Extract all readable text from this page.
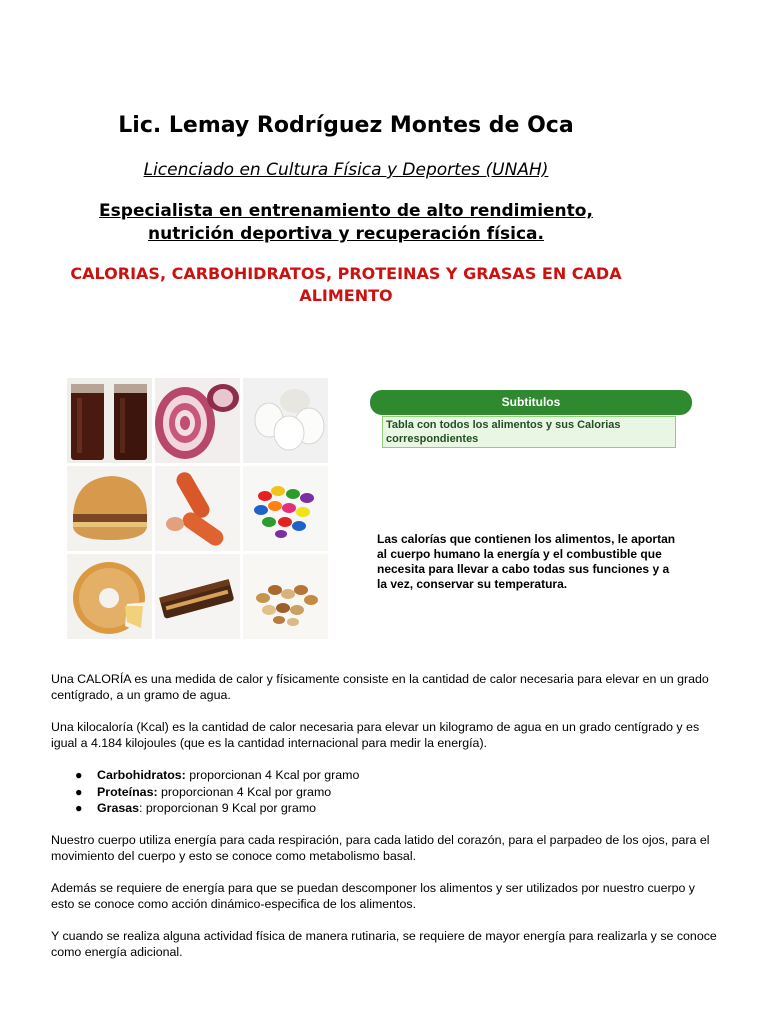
Lic. Lemay Rodríguez Montes de Oca
Licenciado en Cultura Física y Deportes (UNAH)
Especialista en entrenamiento de alto rendimiento, nutrición deportiva y recuperación física.
CALORIAS, CARBOHIDRATOS, PROTEINAS Y GRASAS EN CADA ALIMENTO
Subtitulos
Tabla con todos los alimentos y sus Calorias correspondientes
Las calorías que contienen los alimentos, le aportan al cuerpo humano la energía y el combustible que necesita para llevar a cabo todas sus funciones y a la vez, conservar su temperatura.
Una CALORÍA es una medida de calor y físicamente consiste en la cantidad de calor necesaria para elevar en un grado centígrado, a un gramo de agua.
Una kilocaloría (Kcal) es la cantidad de calor necesaria para elevar un kilogramo de agua en un grado centígrado y es igual a 4.184 kilojoules (que es la cantidad internacional para medir la energía).
● Carbohidratos: proporcionan 4 Kcal por gramo
● Proteínas: proporcionan 4 Kcal por gramo
● Grasas: proporcionan 9 Kcal por gramo
Nuestro cuerpo utiliza energía para cada respiración, para cada latido del corazón, para el parpadeo de los ojos, para el movimiento del cuerpo y esto se conoce como metabolismo basal.
Además se requiere de energía para que se puedan descomponer los alimentos y ser utilizados por nuestro cuerpo y esto se conoce como acción dinámico-especifica de los alimentos.
Y cuando se realiza alguna actividad física de manera rutinaria, se requiere de mayor energía para realizarla y se conoce como energía adicional.
